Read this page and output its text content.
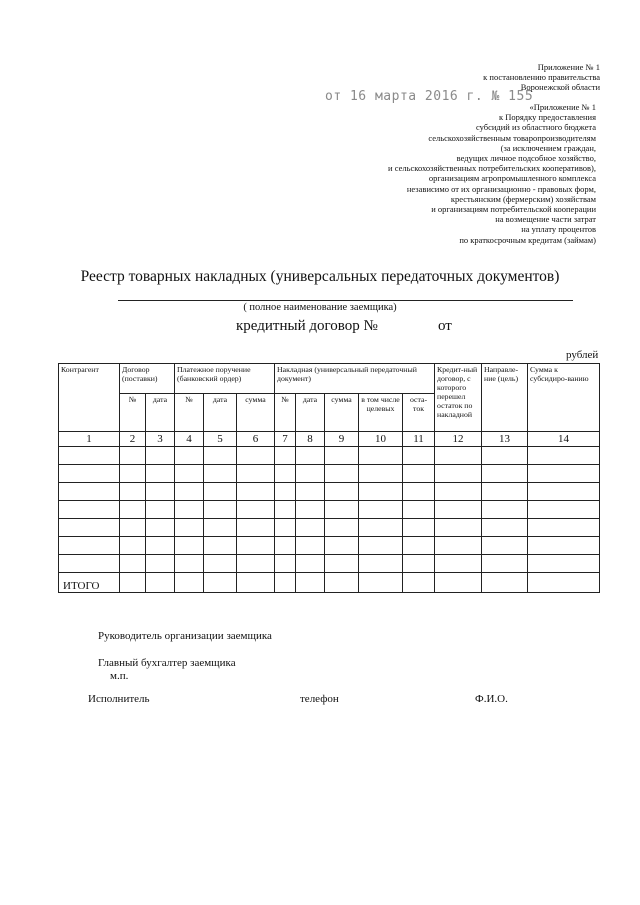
Приложение № 1
к постановлению правительства
Воронежской области
от 16 марта 2016 г. № 155
«Приложение № 1
к Порядку предоставления
субсидий из областного бюджета
сельскохозяйственным товаропроизводителям
(за исключением граждан,
ведущих личное подсобное хозяйство,
и сельскохозяйственных потребительских кооперативов),
организациям агропромышленного комплекса
независимо от их организационно - правовых форм,
крестьянским (фермерским) хозяйствам
и организациям потребительской кооперации
на возмещение части затрат
на уплату процентов
по краткосрочным кредитам (займам)
Реестр товарных накладных (универсальных передаточных документов)
( полное наименование заемщика)
кредитный договор №	от
рублей
Контрагент	Договор (поставки)		Платежное поручение (банковский ордер)			Накладная (универсальный передаточный документ)					Кредит-ный договор, с которого перешел остаток по накладной	Направле-ние (цель)	Сумма к субсидиро-ванию
	№	дата	№	дата	сумма	№	дата	сумма	в том числе целевых	оста-ток			
1	2	3	4	5	6	7	8	9	10	11	12	13	14

ИТОГО													
Руководитель организации заемщика
Главный бухгалтер заемщика
м.п.
Исполнитель	телефон	Ф.И.О.
